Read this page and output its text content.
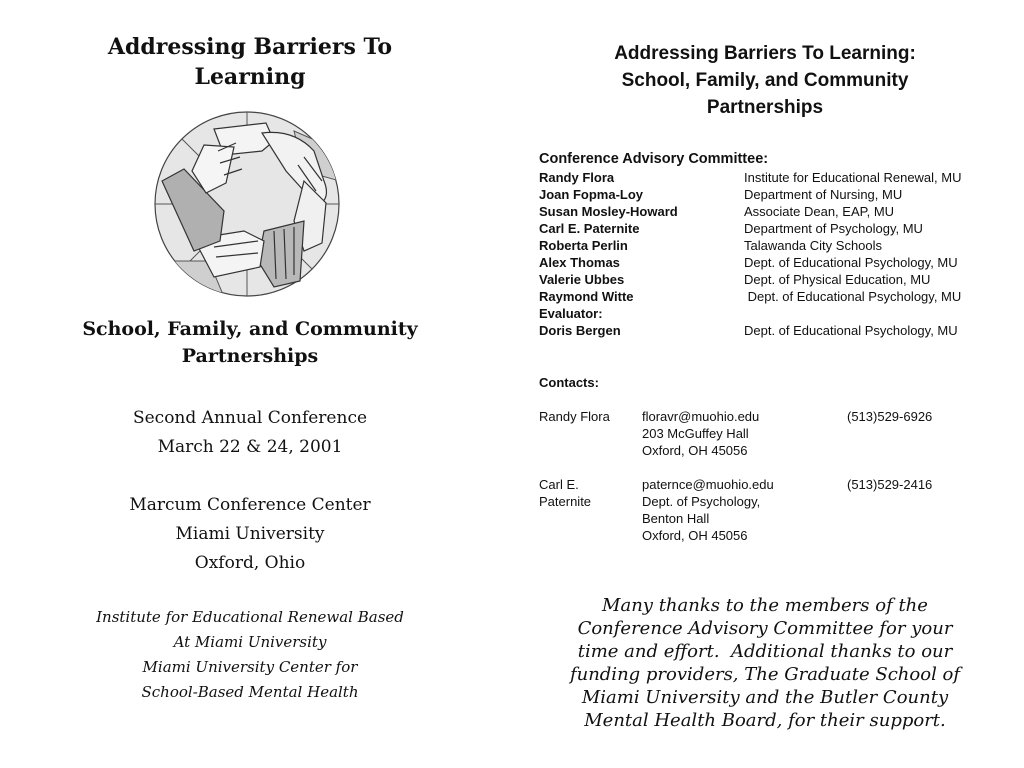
Addressing Barriers To
Learning
School, Family, and Community
Partnerships
Second Annual Conference
March 22 & 24, 2001
Marcum Conference Center
Miami University
Oxford, Ohio
Institute for Educational Renewal Based
At Miami University
Miami University Center for
School-Based Mental Health
Addressing Barriers To Learning:
School, Family, and Community
Partnerships
Conference Advisory Committee:
Randy Flora	Institute for Educational Renewal, MU
Joan Fopma-Loy	Department of Nursing, MU
Susan Mosley-Howard	Associate Dean, EAP, MU
Carl E. Paternite	Department of Psychology, MU
Roberta Perlin	Talawanda City Schools
Alex Thomas	Dept. of Educational Psychology, MU
Valerie Ubbes	Dept. of Physical Education, MU
Raymond Witte	Dept. of Educational Psychology, MU
Evaluator:
Doris Bergen	Dept. of Educational Psychology, MU
Contacts:
Randy Flora	floravr@muohio.edu	(513)529-6926
203 McGuffey Hall
Oxford, OH 45056
Carl E.	paternce@muohio.edu	(513)529-2416
Paternite	Dept. of Psychology,
Benton Hall
Oxford, OH 45056
Many thanks to the members of the
Conference Advisory Committee for your
time and effort.  Additional thanks to our
funding providers, The Graduate School of
Miami University and the Butler County
Mental Health Board, for their support.
